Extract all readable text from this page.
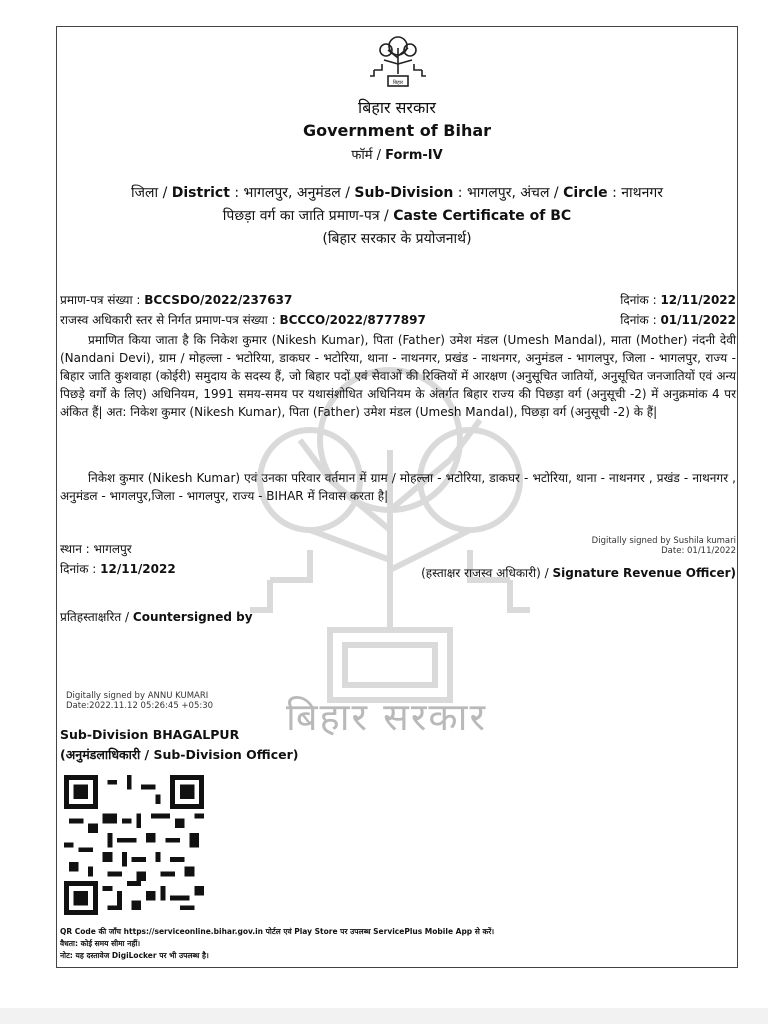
बिहार सरकार
बिहार
बिहार सरकार
Government of Bihar
फॉर्म / Form-IV
जिला / District : भागलपुर, अनुमंडल / Sub-Division : भागलपुर, अंचल / Circle : नाथनगर
पिछड़ा वर्ग का जाति प्रमाण-पत्र / Caste Certificate of BC
(बिहार सरकार के प्रयोजनार्थ)
प्रमाण-पत्र संख्या : BCCSDO/2022/237637	दिनांक : 12/11/2022
राजस्व अधिकारी स्तर से निर्गत प्रमाण-पत्र संख्या : BCCCO/2022/8777897	दिनांक : 01/11/2022
प्रमाणित किया जाता है कि निकेश कुमार (Nikesh Kumar), पिता (Father) उमेश मंडल (Umesh Mandal), माता (Mother) नंदनी देवी (Nandani Devi), ग्राम / मोहल्ला - भटोरिया, डाकघर - भटोरिया, थाना - नाथनगर, प्रखंड - नाथनगर, अनुमंडल - भागलपुर, जिला - भागलपुर, राज्य - बिहार जाति कुशवाहा (कोईरी) समुदाय के सदस्य हैं, जो बिहार पदों एवं सेवाओं की रिक्तियों में आरक्षण (अनुसूचित जातियों, अनुसूचित जनजातियों एवं अन्य पिछड़े वर्गों के लिए) अधिनियम, 1991 समय-समय पर यथासंशोधित अधिनियम के अंतर्गत बिहार राज्य की पिछड़ा वर्ग (अनुसूची -2) में अनुक्रमांक 4 पर अंकित हैं| अत: निकेश कुमार (Nikesh Kumar), पिता (Father) उमेश मंडल (Umesh Mandal), पिछड़ा वर्ग (अनुसूची -2) के हैं|
निकेश कुमार (Nikesh Kumar) एवं उनका परिवार वर्तमान में ग्राम / मोहल्ला - भटोरिया, डाकघर - भटोरिया, थाना - नाथनगर , प्रखंड - नाथनगर , अनुमंडल - भागलपुर,जिला - भागलपुर, राज्य - BIHAR में निवास करता है|
Digitally signed by Sushila kumari
Date: 01/11/2022
स्थान : भागलपुर
दिनांक : 12/11/2022	(हस्ताक्षर राजस्व अधिकारी) / Signature Revenue Officer)
प्रतिहस्ताक्षरित / Countersigned by
Digitally signed by ANNU KUMARI
Date:2022.11.12 05:26:45 +05:30
Sub-Division BHAGALPUR
(अनुमंडलाधिकारी / Sub-Division Officer)
QR Code की जाँच https://serviceonline.bihar.gov.in पोर्टल एवं Play Store पर उपलब्ध ServicePlus Mobile App से करें।
वैधता: कोई समय सीमा नहीं।
नोट: यह दस्तावेज DigiLocker पर भी उपलब्ध है।
